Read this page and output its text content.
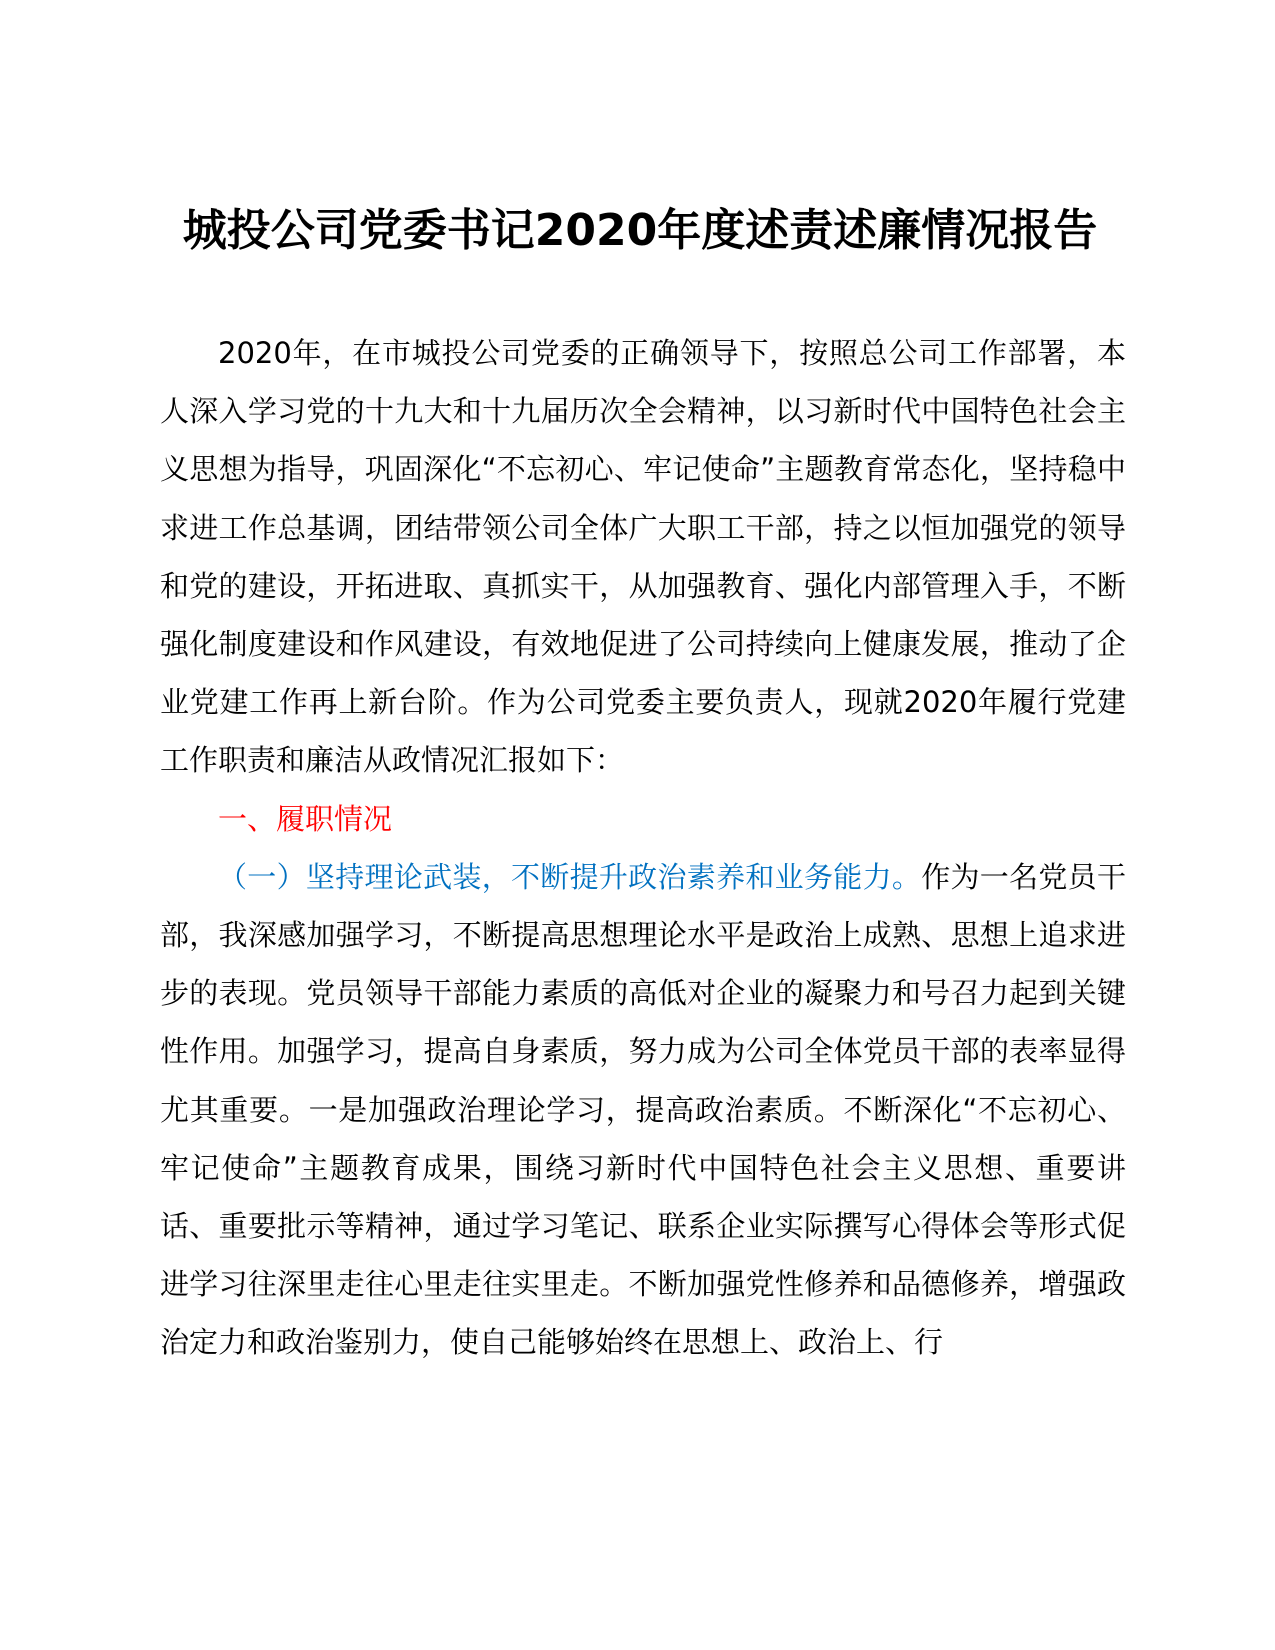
城投公司党委书记2020年度述责述廉情况报告

2020年，在市城投公司党委的正确领导下，按照总公司工作部署，本人深入学习党的十九大和十九届历次全会精神，以习新时代中国特色社会主义思想为指导，巩固深化“不忘初心、牢记使命”主题教育常态化，坚持稳中求进工作总基调，团结带领公司全体广大职工干部，持之以恒加强党的领导和党的建设，开拓进取、真抓实干，从加强教育、强化内部管理入手，不断强化制度建设和作风建设，有效地促进了公司持续向上健康发展，推动了企业党建工作再上新台阶。作为公司党委主要负责人，现就2020年履行党建工作职责和廉洁从政情况汇报如下：

一、履职情况

（一）坚持理论武装，不断提升政治素养和业务能力。作为一名党员干部，我深感加强学习，不断提高思想理论水平是政治上成熟、思想上追求进步的表现。党员领导干部能力素质的高低对企业的凝聚力和号召力起到关键性作用。加强学习，提高自身素质，努力成为公司全体党员干部的表率显得尤其重要。一是加强政治理论学习，提高政治素质。不断深化“不忘初心、牢记使命”主题教育成果，围绕习新时代中国特色社会主义思想、重要讲话、重要批示等精神，通过学习笔记、联系企业实际撰写心得体会等形式促进学习往深里走往心里走往实里走。不断加强党性修养和品德修养，增强政治定力和政治鉴别力，使自己能够始终在思想上、政治上、行
